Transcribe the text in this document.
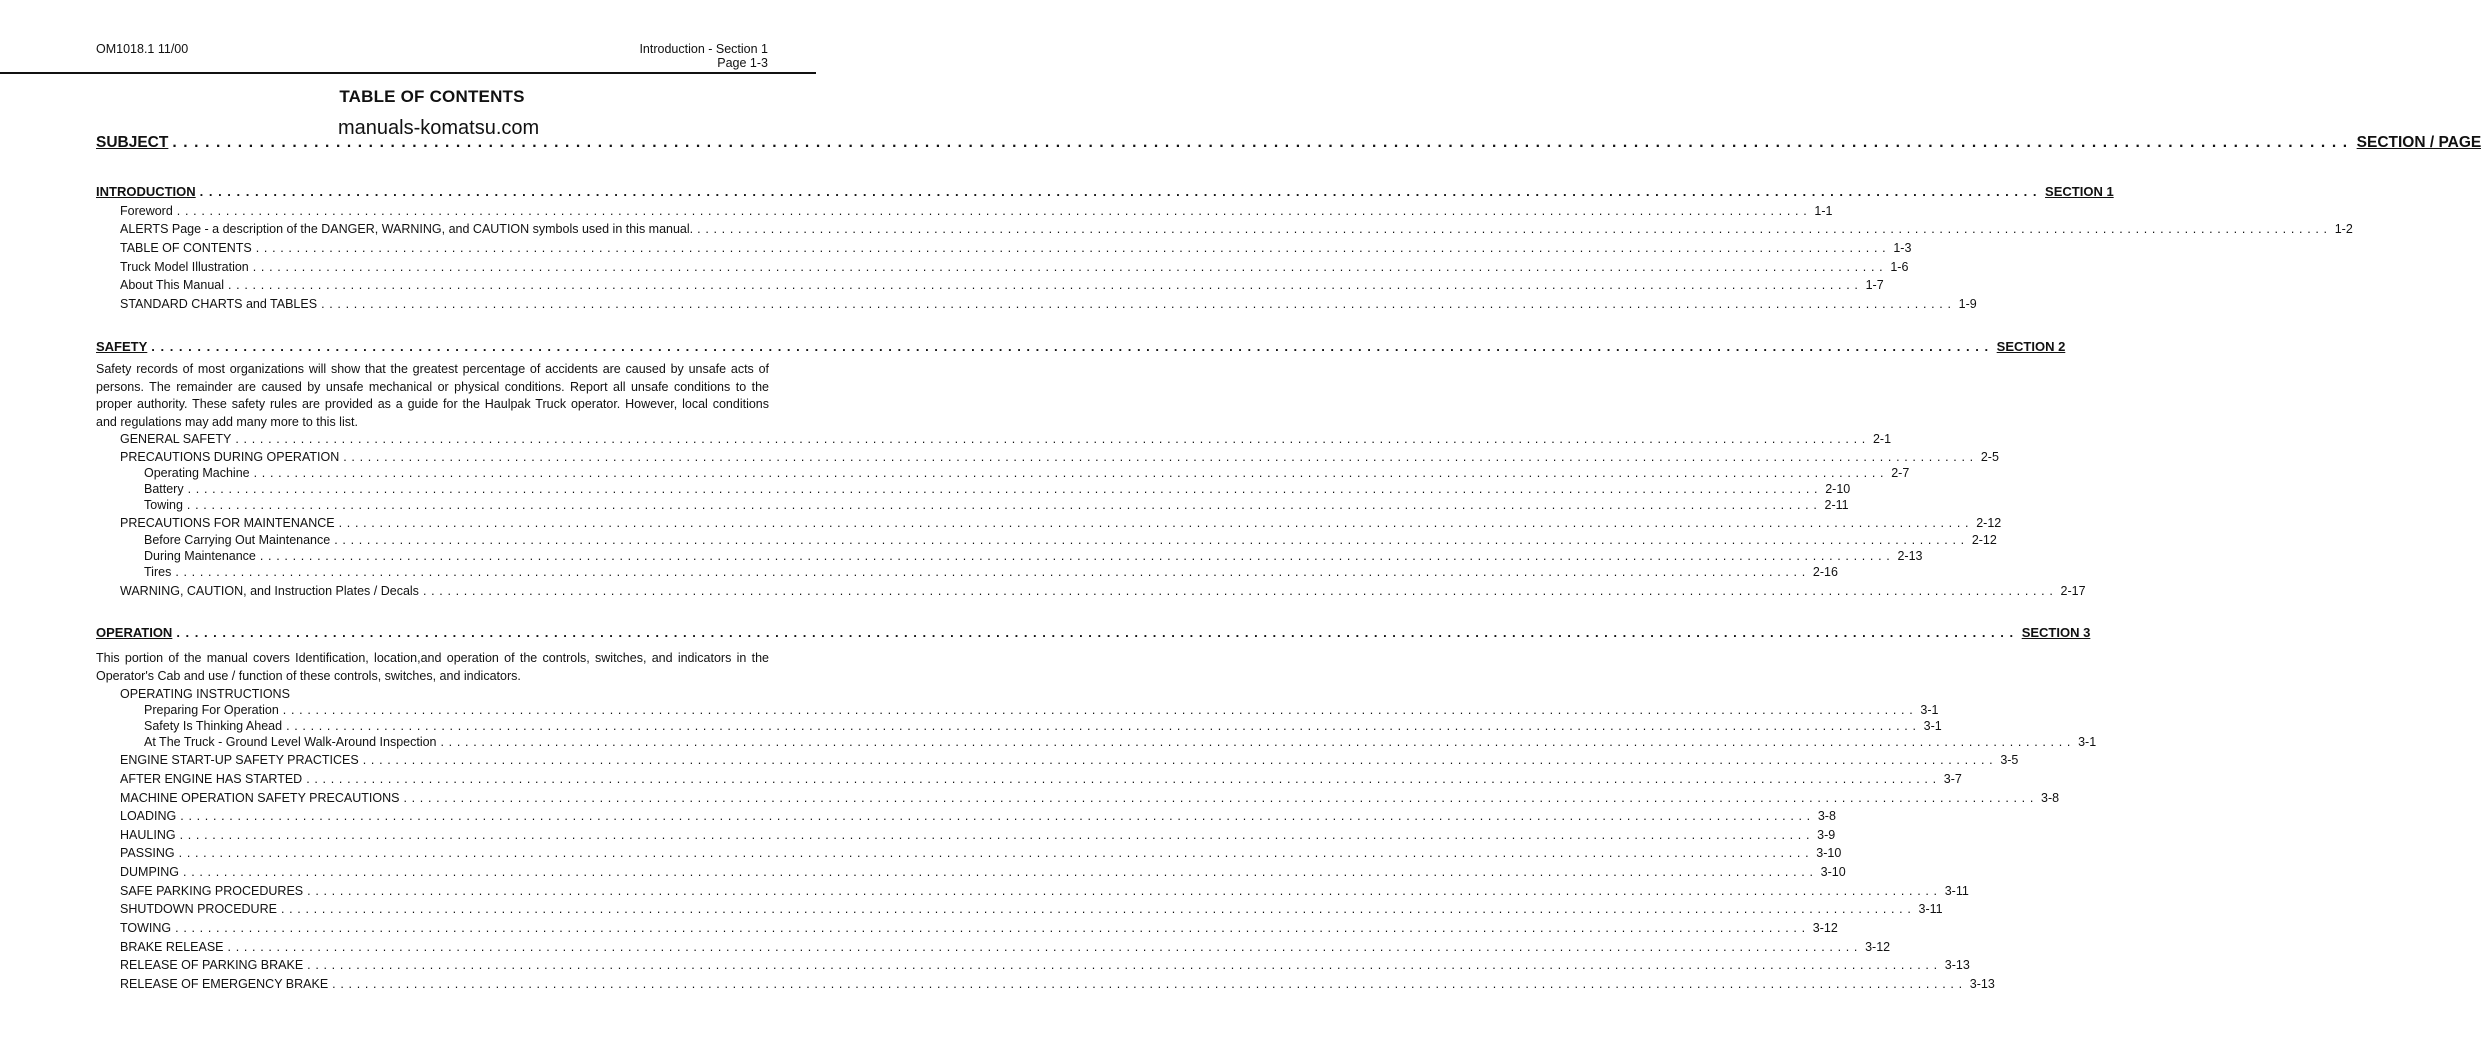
OM1018.1 11/00	Introduction - Section 1
Page 1-3
TABLE OF CONTENTS
manuals-komatsu.com
SUBJECT ........................................................................................................................................................................................................ SECTION / PAGE
INTRODUCTION ........................................................................................................................................................................................................ SECTION 1
Foreword ........................................................................................................................................................................................................ 1-1
ALERTS Page - a description of the DANGER, WARNING, and CAUTION symbols used in this manual. ........................................................................................................................................................................................................ 1-2
TABLE OF CONTENTS ........................................................................................................................................................................................................ 1-3
Truck Model Illustration ........................................................................................................................................................................................................ 1-6
About This Manual ........................................................................................................................................................................................................ 1-7
STANDARD CHARTS and TABLES ........................................................................................................................................................................................................ 1-9
SAFETY ........................................................................................................................................................................................................ SECTION 2
Safety records of most organizations will show that the greatest percentage of accidents are caused by unsafe acts of persons. The remainder are caused by unsafe mechanical or physical conditions. Report all unsafe conditions to the proper authority. These safety rules are provided as a guide for the Haulpak Truck operator. However, local conditions and regulations may add many more to this list.
GENERAL SAFETY ........................................................................................................................................................................................................ 2-1
PRECAUTIONS DURING OPERATION ........................................................................................................................................................................................................ 2-5
Operating Machine ........................................................................................................................................................................................................ 2-7
Battery ........................................................................................................................................................................................................ 2-10
Towing ........................................................................................................................................................................................................ 2-11
PRECAUTIONS FOR MAINTENANCE ........................................................................................................................................................................................................ 2-12
Before Carrying Out Maintenance ........................................................................................................................................................................................................ 2-12
During Maintenance ........................................................................................................................................................................................................ 2-13
Tires ........................................................................................................................................................................................................ 2-16
WARNING, CAUTION, and Instruction Plates / Decals ........................................................................................................................................................................................................ 2-17
OPERATION ........................................................................................................................................................................................................ SECTION 3
This portion of the manual covers Identification, location,and operation of the controls, switches, and indicators in the Operator's Cab and use / function of these controls, switches, and indicators.
OPERATING INSTRUCTIONS
Preparing For Operation ........................................................................................................................................................................................................ 3-1
Safety Is Thinking Ahead ........................................................................................................................................................................................................ 3-1
At The Truck - Ground Level Walk-Around Inspection ........................................................................................................................................................................................................ 3-1
ENGINE START-UP SAFETY PRACTICES ........................................................................................................................................................................................................ 3-5
AFTER ENGINE HAS STARTED ........................................................................................................................................................................................................ 3-7
MACHINE OPERATION SAFETY PRECAUTIONS ........................................................................................................................................................................................................ 3-8
LOADING ........................................................................................................................................................................................................ 3-8
HAULING ........................................................................................................................................................................................................ 3-9
PASSING ........................................................................................................................................................................................................ 3-10
DUMPING ........................................................................................................................................................................................................ 3-10
SAFE PARKING PROCEDURES ........................................................................................................................................................................................................ 3-11
SHUTDOWN PROCEDURE ........................................................................................................................................................................................................ 3-11
TOWING ........................................................................................................................................................................................................ 3-12
BRAKE RELEASE ........................................................................................................................................................................................................ 3-12
RELEASE OF PARKING BRAKE ........................................................................................................................................................................................................ 3-13
RELEASE OF EMERGENCY BRAKE ........................................................................................................................................................................................................ 3-13
